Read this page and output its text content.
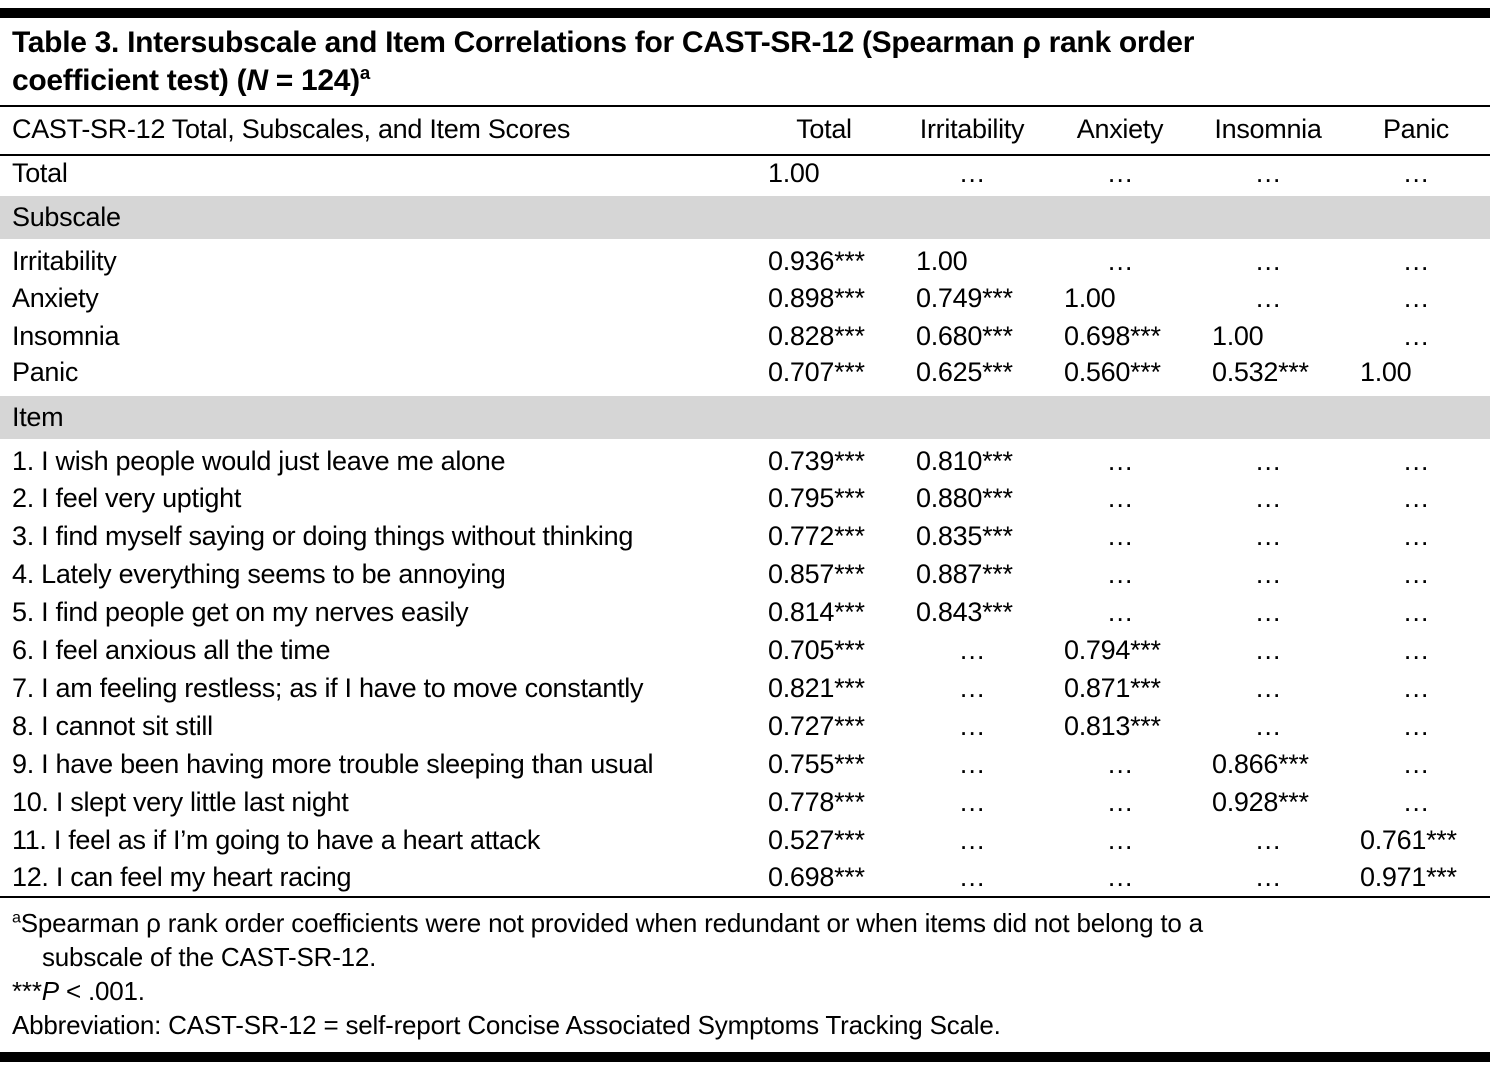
Table 3. Intersubscale and Item Correlations for CAST-SR-12 (Spearman ρ rank order
coefficient test) (N = 124)$^a$
CAST-SR-12 Total, Subscales, and Item Scores	Total	Irritability	Anxiety	Insomnia	Panic
Total	1.00	…	…	…	…
Subscale					
Irritability	0.936***	1.00	…	…	…
Anxiety	0.898***	0.749***	1.00	…	…
Insomnia	0.828***	0.680***	0.698***	1.00	…
Panic	0.707***	0.625***	0.560***	0.532***	1.00
Item					
1. I wish people would just leave me alone	0.739***	0.810***	…	…	…
2. I feel very uptight	0.795***	0.880***	…	…	…
3. I find myself saying or doing things without thinking	0.772***	0.835***	…	…	…
4. Lately everything seems to be annoying	0.857***	0.887***	…	…	…
5. I find people get on my nerves easily	0.814***	0.843***	…	…	…
6. I feel anxious all the time	0.705***	…	0.794***	…	…
7. I am feeling restless; as if I have to move constantly	0.821***	…	0.871***	…	…
8. I cannot sit still	0.727***	…	0.813***	…	…
9. I have been having more trouble sleeping than usual	0.755***	…	…	0.866***	…
10. I slept very little last night	0.778***	…	…	0.928***	…
11. I feel as if I’m going to have a heart attack	0.527***	…	…	…	0.761***
12. I can feel my heart racing	0.698***	…	…	…	0.971***
$^a$Spearman ρ rank order coefficients were not provided when redundant or when items did not belong to a
subscale of the CAST-SR-12.
***P < .001.
Abbreviation: CAST-SR-12 = self-report Concise Associated Symptoms Tracking Scale.
